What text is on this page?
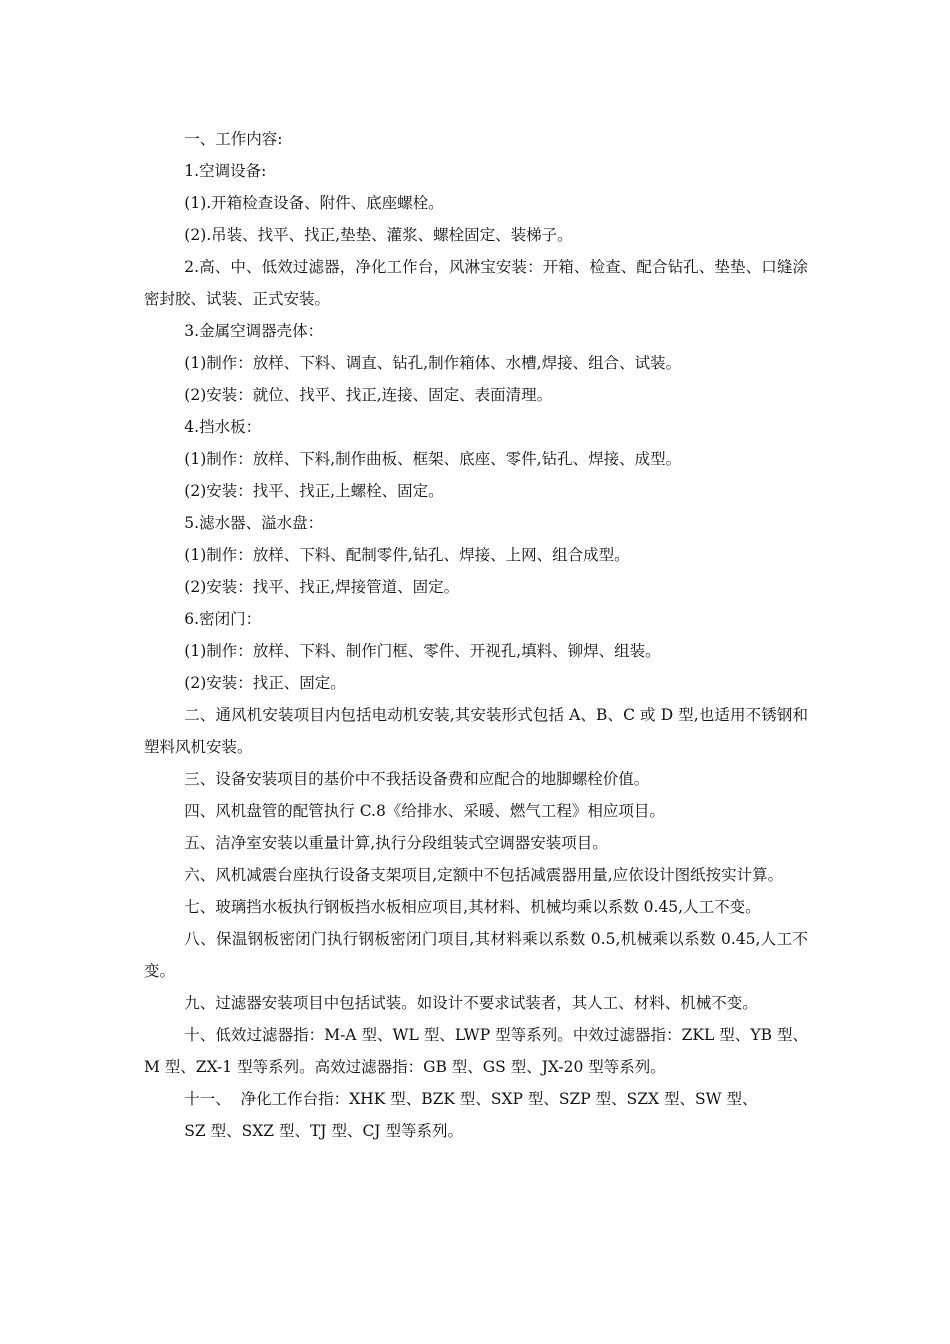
一、工作内容:

1.空调设备:

(1).开箱检查设备、附件、底座螺栓。

(2).吊装、找平、找正,垫垫、灌浆、螺栓固定、装梯子。

2.高、中、低效过滤器，净化工作台，风淋宝安装：开箱、检查、配合钻孔、垫垫、口缝涂密封胶、试装、正式安装。

3.金属空调器壳体：

(1)制作：放样、下料、调直、钻孔,制作箱体、水槽,焊接、组合、试装。

(2)安装：就位、找平、找正,连接、固定、表面清理。

4.挡水板：

(1)制作：放样、下料,制作曲板、框架、底座、零件,钻孔、焊接、成型。

(2)安装：找平、找正,上螺栓、固定。

5.滤水器、溢水盘：

(1)制作：放样、下料、配制零件,钻孔、焊接、上网、组合成型。

(2)安装：找平、找正,焊接管道、固定。

6.密闭门：

(1)制作：放样、下料、制作门框、零件、开视孔,填料、铆焊、组装。

(2)安装：找正、固定。

二、通风机安装项目内包括电动机安装,其安装形式包括 A、B、C 或 D 型,也适用不锈钢和塑料风机安装。

三、设备安装项目的基价中不我括设备费和应配合的地脚螺栓价值。

四、风机盘管的配管执行 C.8《给排水、采暖、燃气工程》相应项目。

五、洁净室安装以重量计算,执行分段组装式空调器安装项目。

六、风机减震台座执行设备支架项目,定额中不包括减震器用量,应依设计图纸按实计算。

七、玻璃挡水板执行钢板挡水板相应项目,其材料、机械均乘以系数 0.45,人工不变。

八、保温钢板密闭门执行钢板密闭门项目,其材料乘以系数 0.5,机械乘以系数 0.45,人工不变。

九、过滤器安装项目中包括试装。如设计不要求试装者，其人工、材料、机械不变。

十、低效过滤器指：M-A 型、WL 型、LWP 型等系列。中效过滤器指：ZKL 型、YB 型、M 型、ZX-1 型等系列。高效过滤器指：GB 型、GS 型、JX-20 型等系列。

十一、  净化工作台指：XHK 型、BZK 型、SXP 型、SZP 型、SZX 型、SW 型、

SZ 型、SXZ 型、TJ 型、CJ 型等系列。
